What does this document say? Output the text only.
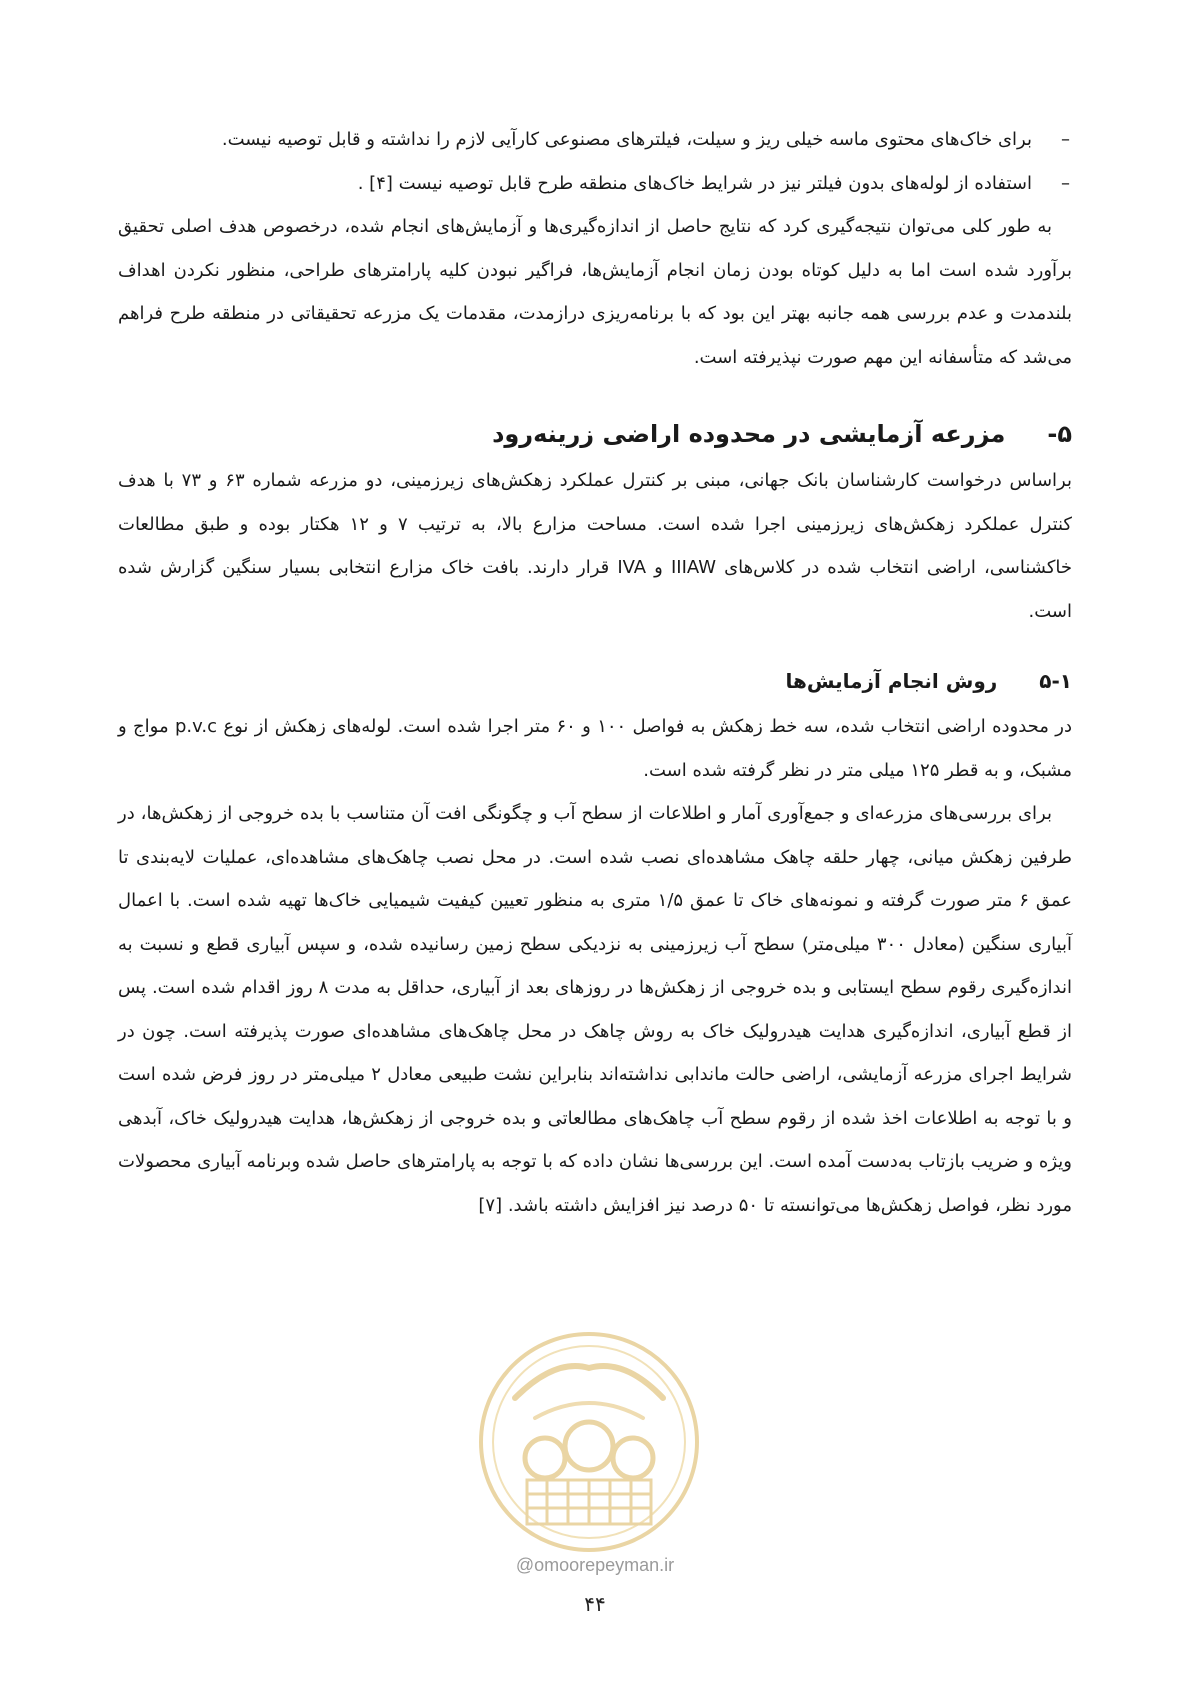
–
برای خاک‌های محتوی ماسه خیلی ریز و سیلت، فیلترهای مصنوعی کارآیی لازم را نداشته و قابل توصیه نیست.

–
استفاده از لوله‌های بدون فیلتر نیز در شرایط خاک‌های منطقه طرح قابل توصیه نیست [۴] .

به طور کلی می‌توان نتیجه‌گیری کرد که نتایج حاصل از اندازه‌گیری‌ها و آزمایش‌های انجام شده، درخصوص هدف اصلی تحقیق برآورد شده است اما به دلیل کوتاه بودن زمان انجام آزمایش‌ها، فراگیر نبودن کلیه پارامترهای طراحی، منظور نکردن اهداف بلندمدت و عدم بررسی همه جانبه بهتر این بود که با برنامه‌ریزی درازمدت، مقدمات یک مزرعه تحقیقاتی در منطقه طرح فراهم می‌شد که متأسفانه این مهم صورت نپذیرفته است.

۵-
مزرعه آزمایشی در محدوده اراضی زرینه‌رود

براساس درخواست کارشناسان بانک جهانی، مبنی بر کنترل عملکرد زهکش‌های زیرزمینی، دو مزرعه شماره ۶۳ و ۷۳ با هدف کنترل عملکرد زهکش‌های زیرزمینی اجرا شده است. مساحت مزارع بالا، به ترتیب ۷ و ۱۲ هکتار بوده و طبق مطالعات خاکشناسی، اراضی انتخاب شده در کلاس‌های IIIAW و IVA قرار دارند. بافت خاک مزارع انتخابی بسیار سنگین گزارش شده است.

۵-۱
روش انجام آزمایش‌ها

در محدوده اراضی انتخاب شده، سه خط زهکش به فواصل ۱۰۰ و ۶۰ متر اجرا شده است. لوله‌های زهکش از نوع p.v.c مواج و مشبک، و به قطر ۱۲۵ میلی متر در نظر گرفته شده است.

برای بررسی‌های مزرعه‌ای و جمع‌آوری آمار و اطلاعات از سطح آب و چگونگی افت آن متناسب با بده خروجی از زهکش‌ها، در طرفین زهکش میانی، چهار حلقه چاهک مشاهده‌ای نصب شده است. در محل نصب چاهک‌های مشاهده‌ای، عملیات لایه‌بندی تا عمق ۶ متر صورت گرفته و نمونه‌های خاک تا عمق ۱/۵ متری به منظور تعیین کیفیت شیمیایی خاک‌ها تهیه شده است. با اعمال آبیاری سنگین (معادل ۳۰۰ میلی‌متر) سطح آب زیرزمینی به نزدیکی سطح زمین رسانیده شده، و سپس آبیاری قطع و نسبت به اندازه‌گیری رقوم سطح ایستابی و بده خروجی از زهکش‌ها در روزهای بعد از آبیاری، حداقل به مدت ۸ روز اقدام شده است. پس از قطع آبیاری، اندازه‌گیری هدایت هیدرولیک خاک به روش چاهک در محل چاهک‌های مشاهده‌ای صورت پذیرفته است. چون در شرایط اجرای مزرعه آزمایشی، اراضی حالت ماندابی نداشته‌اند بنابراین نشت طبیعی معادل ۲ میلی‌متر در روز فرض شده است و با توجه به اطلاعات اخذ شده از رقوم سطح آب چاهک‌های مطالعاتی و بده خروجی از زهکش‌ها، هدایت هیدرولیک خاک، آبدهی ویژه و ضریب بازتاب به‌دست آمده است. این بررسی‌ها نشان داده که با توجه به پارامترهای حاصل شده وبرنامه آبیاری محصولات مورد نظر، فواصل زهکش‌ها می‌توانسته تا ۵۰ درصد نیز افزایش داشته باشد. [۷]

@omoorepeyman.ir
۴۴
